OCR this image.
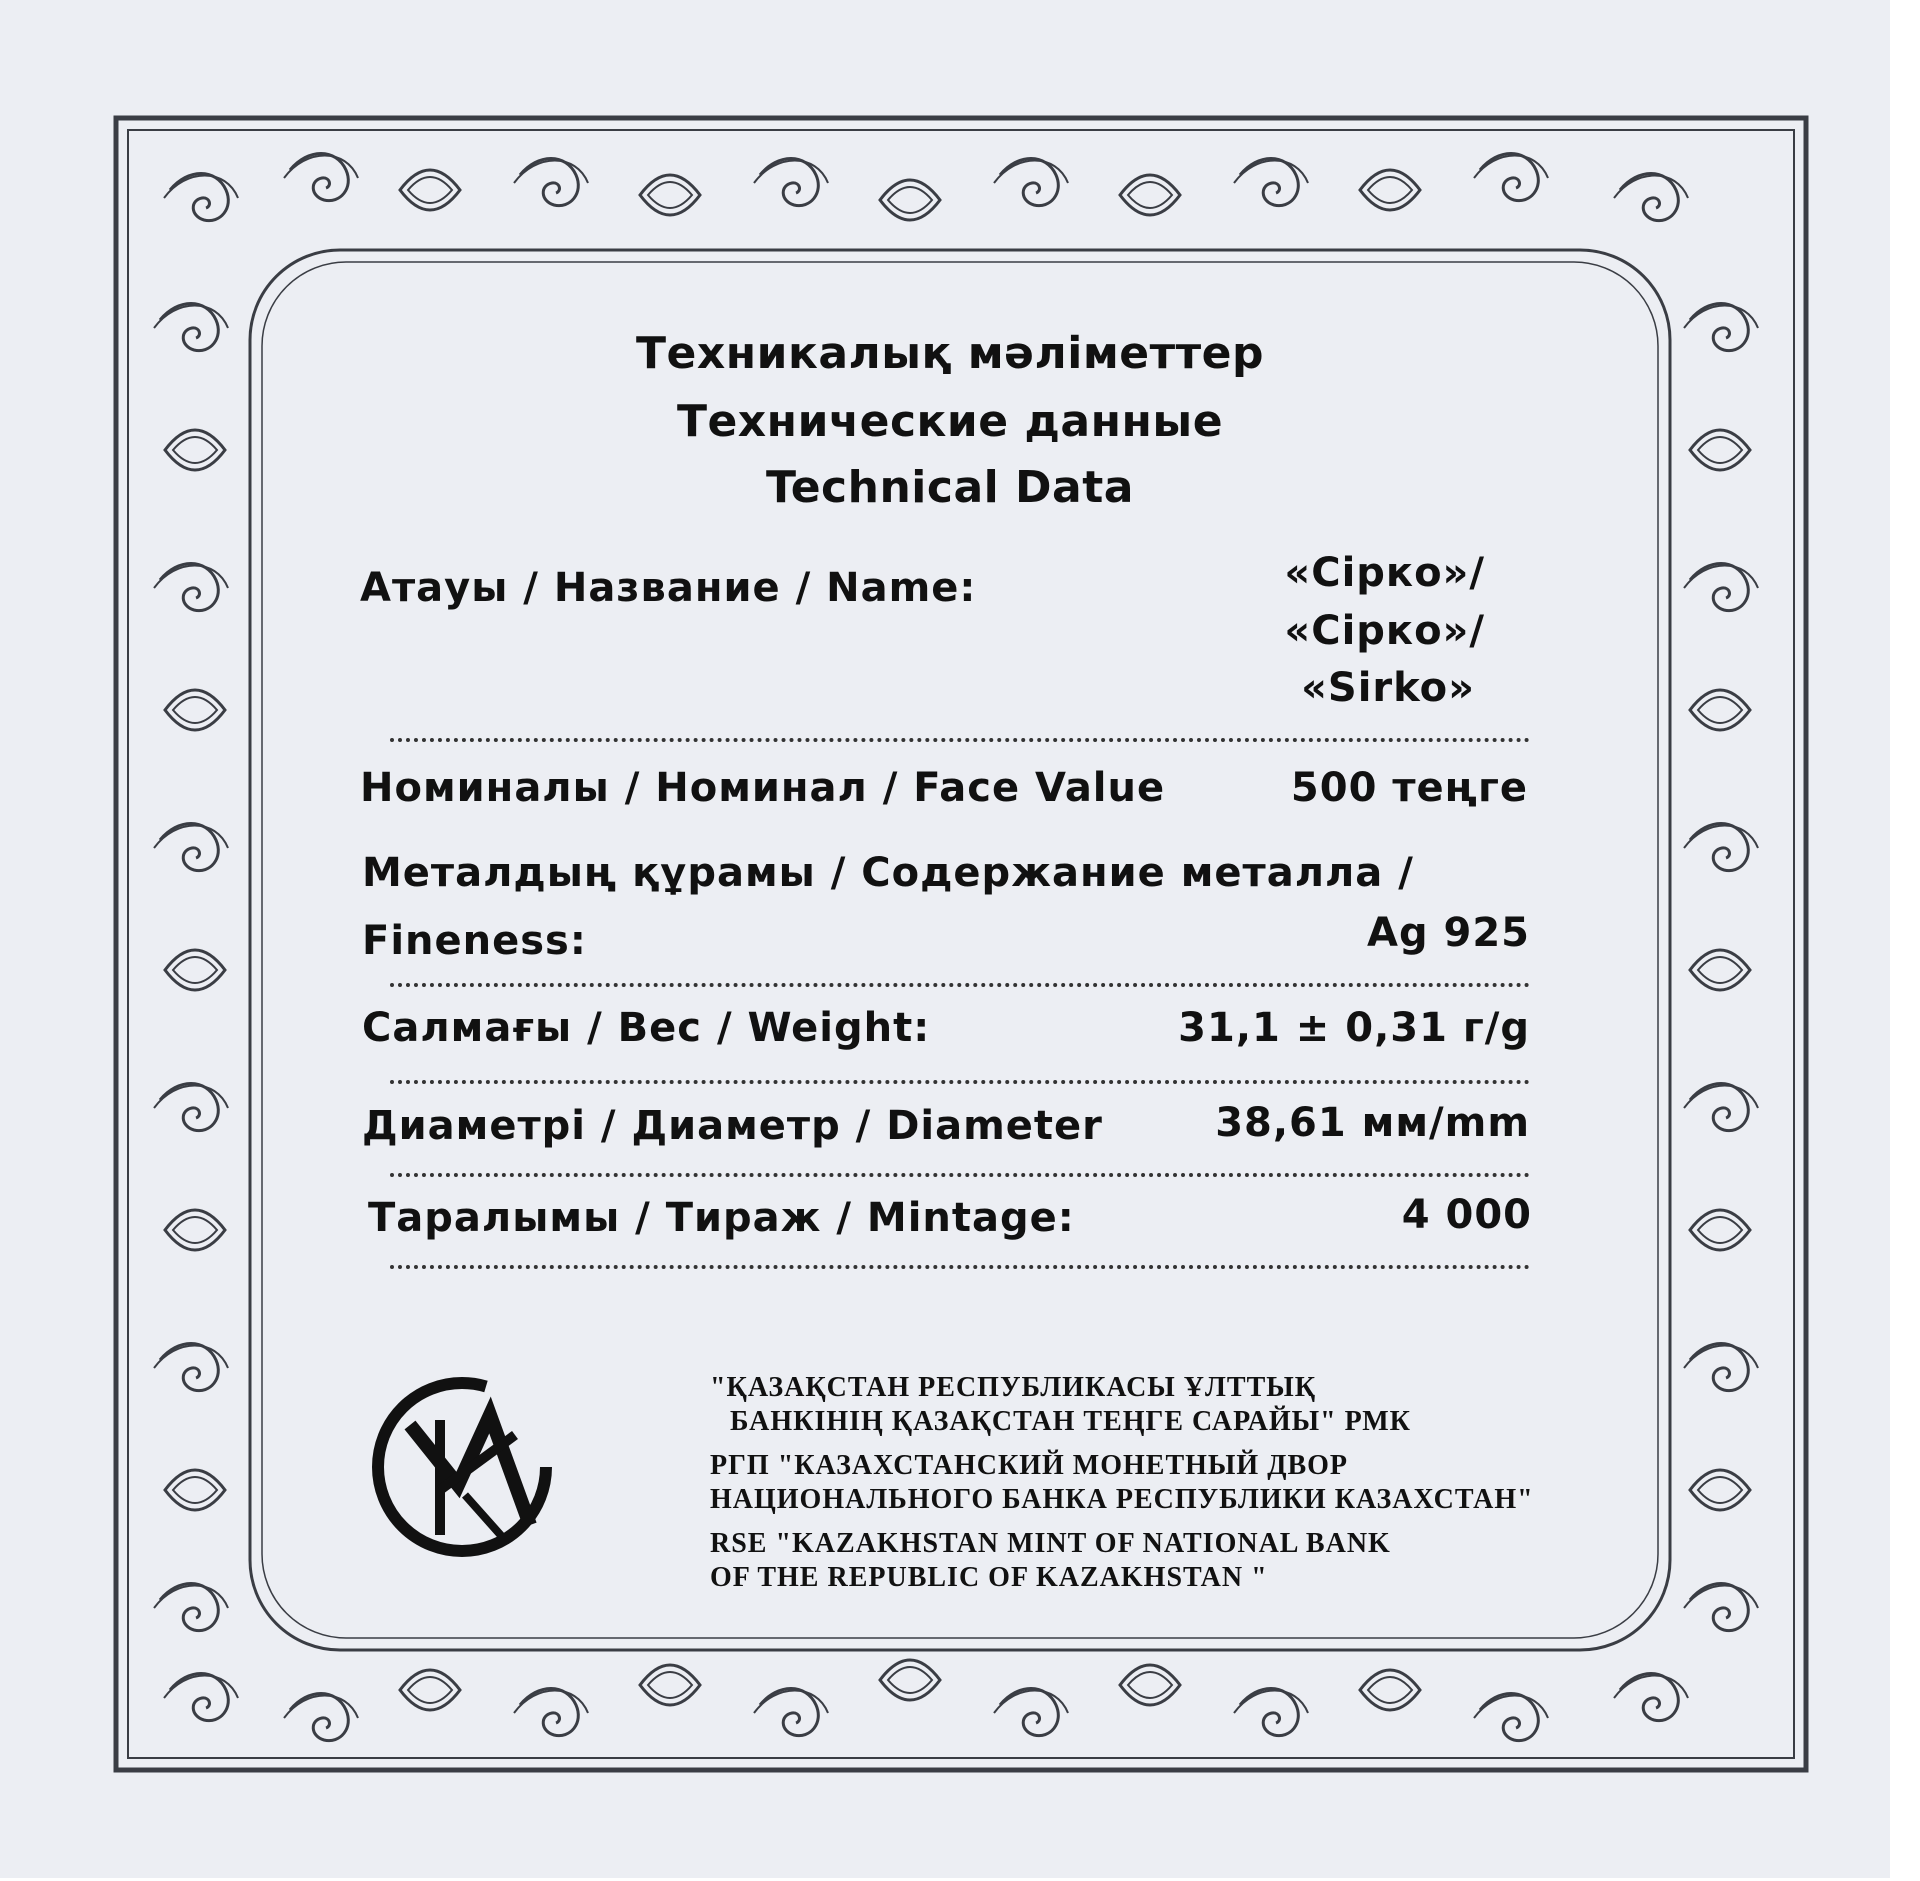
Техникалық мәліметтер
Технические данные
Technical Data
Атауы / Название / Name:	«Сірко»/
«Сірко»/
«Sirko»
Номиналы / Номинал / Face Value	500 теңге
Металдың құрамы / Содержание металла /
Fineness:	Ag 925
Салмағы / Вес / Weight:	31,1 ± 0,31 г/g
Диаметрі / Диаметр / Diameter	38,61 мм/mm
Таралымы / Тираж / Mintage:	4 000
"ҚАЗАҚСТАН РЕСПУБЛИКАСЫ ҰЛТТЫҚ
БАНКІНІҢ ҚАЗАҚСТАН ТЕҢГЕ САРАЙЫ" РМК
РГП "КАЗАХСТАНСКИЙ МОНЕТНЫЙ ДВОР
НАЦИОНАЛЬНОГО БАНКА РЕСПУБЛИКИ КАЗАХСТАН"
RSE "KAZAKHSTAN MINT OF NATIONAL BANK
OF THE REPUBLIC OF KAZAKHSTAN "
